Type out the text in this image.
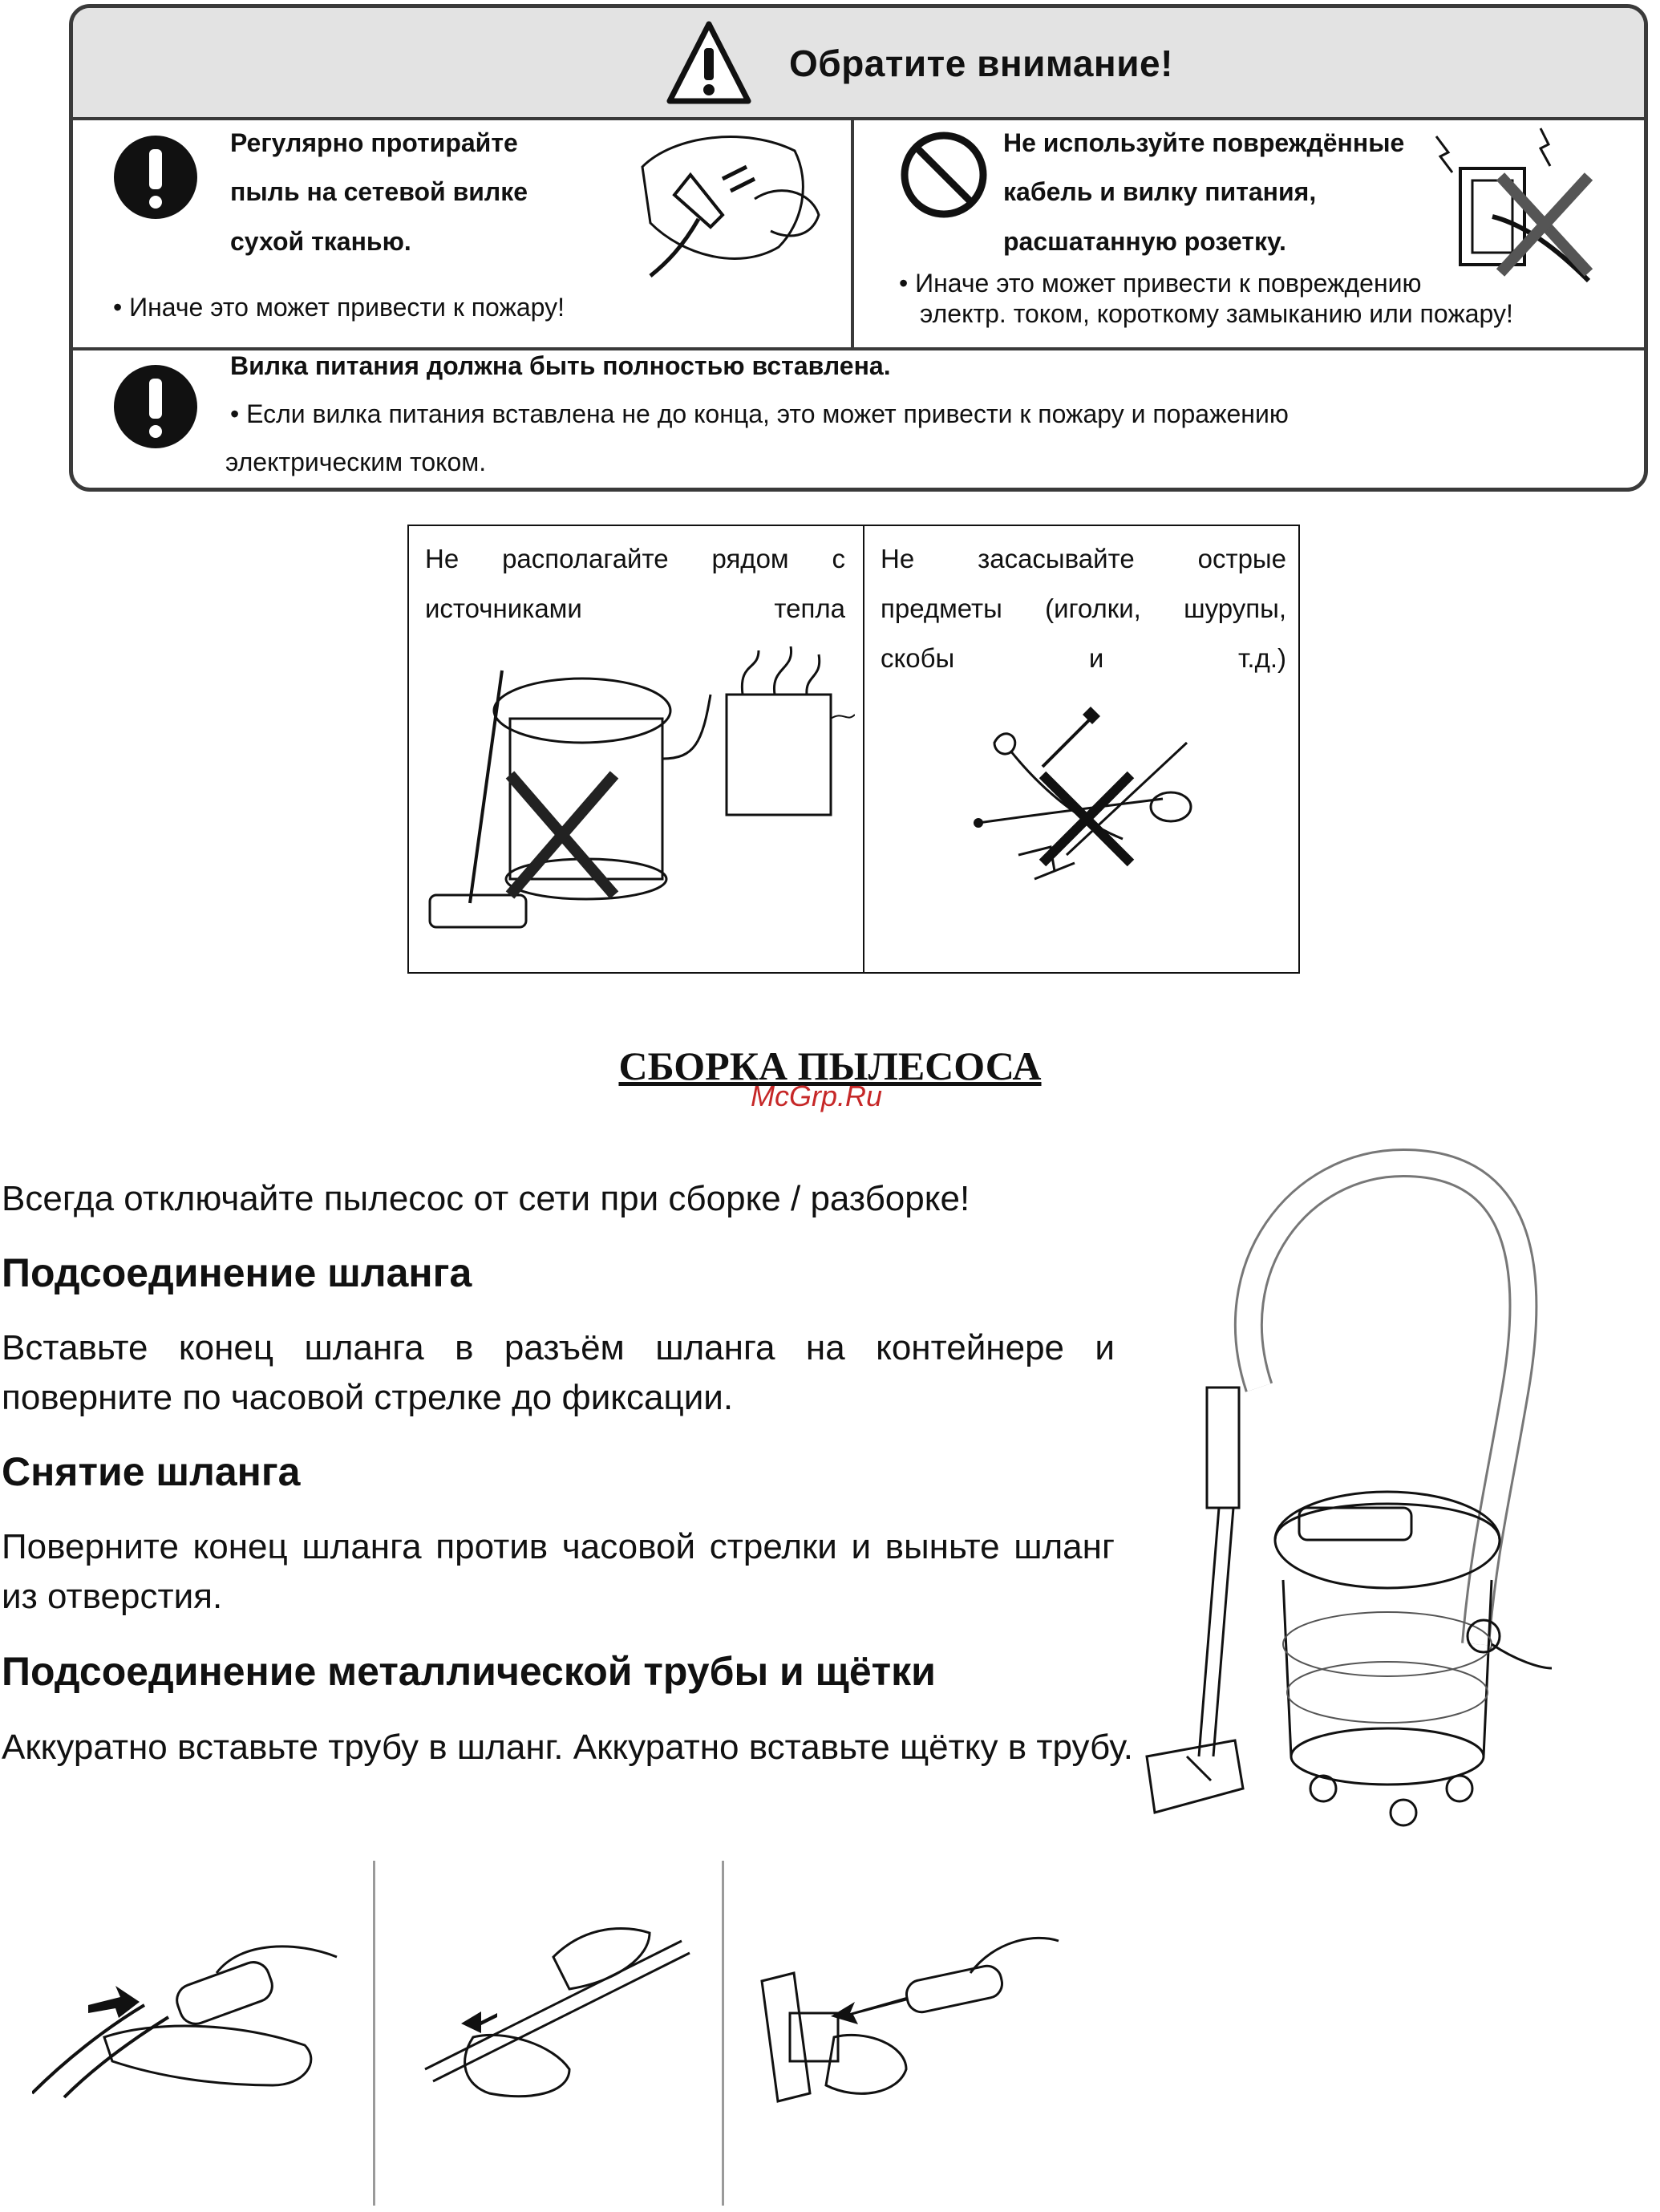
Обратите внимание!
Регулярно протирайте
пыль на сетевой вилке
сухой тканью.
• Иначе это может привести к пожару!
Не используйте повреждённые
кабель и вилку питания,
расшатанную розетку.
• Иначе это может привести к повреждению
электр. током, короткому замыканию или пожару!
Вилка питания должна быть полностью вставлена.
• Если вилка питания вставлена не до конца, это может привести к пожару и поражению
электрическим током.
Не располагайте рядом с источниками тепла
Не засасывайте острые предметы (иголки, шурупы, скобы и т.д.)
СБОРКА ПЫЛЕСОСА
McGrp.Ru
Всегда отключайте пылесос от сети при сборке / разборке!
Подсоединение шланга
Вставьте конец шланга в разъём шланга на контейнере и поверните по часовой стрелке до фиксации.
Снятие шланга
Поверните конец шланга против часовой стрелки и выньте шланг из отверстия.
Подсоединение металлической трубы и щётки
Аккуратно вставьте трубу в шланг. Аккуратно вставьте щётку в трубу.
